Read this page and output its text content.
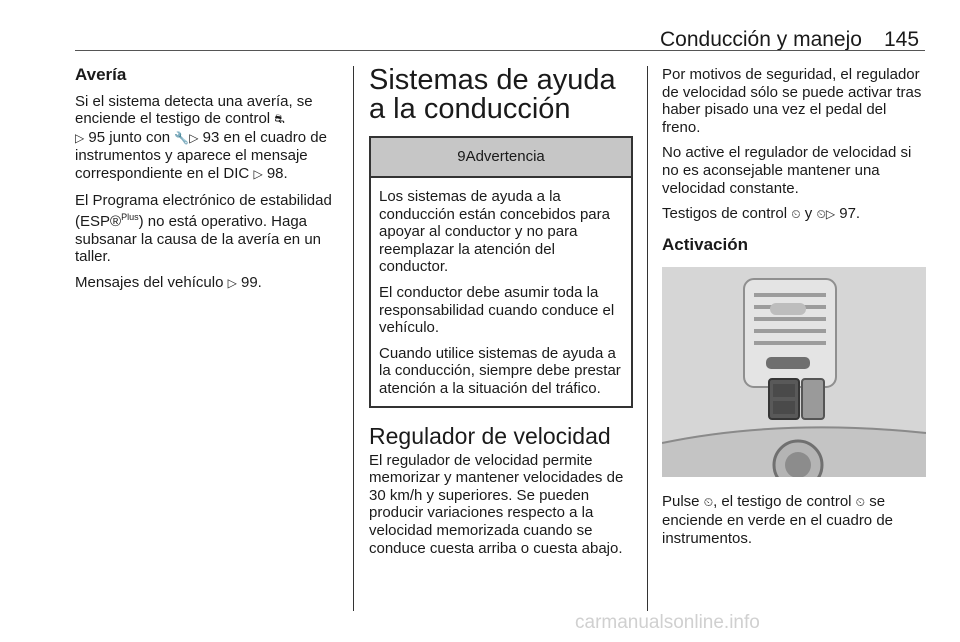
Conducción y manejo 145
Avería

Si el sistema detecta una avería, se enciende el testigo de control ⛐
▷ 95 junto con 🔧▷ 93 en el cuadro de instrumentos y aparece el mensaje correspondiente en el DIC ▷ 98.

El Programa electrónico de estabilidad (ESP®$^{Plus}$) no está operativo. Haga subsanar la causa de la avería en un taller.

Mensajes del vehículo ▷ 99.

Sistemas de ayuda a la conducción
9 Advertencia

Los sistemas de ayuda a la conducción están concebidos para apoyar al conductor y no para reemplazar la atención del conductor.

El conductor debe asumir toda la responsabilidad cuando conduce el vehículo.

Cuando utilice sistemas de ayuda a la conducción, siempre debe prestar atención a la situación del tráfico.

Regulador de velocidad

El regulador de velocidad permite memorizar y mantener velocidades de 30 km/h y superiores. Se pueden producir variaciones respecto a la velocidad memorizada cuando se conduce cuesta arriba o cuesta abajo.

Por motivos de seguridad, el regulador de velocidad sólo se puede activar tras haber pisado una vez el pedal del freno.

No active el regulador de velocidad si no es aconsejable mantener una velocidad constante.

Testigos de control ⏲ y ⏲▷ 97.

Activación

Pulse ⏲, el testigo de control ⏲ se enciende en verde en el cuadro de instrumentos.

carmanualsonline.info
